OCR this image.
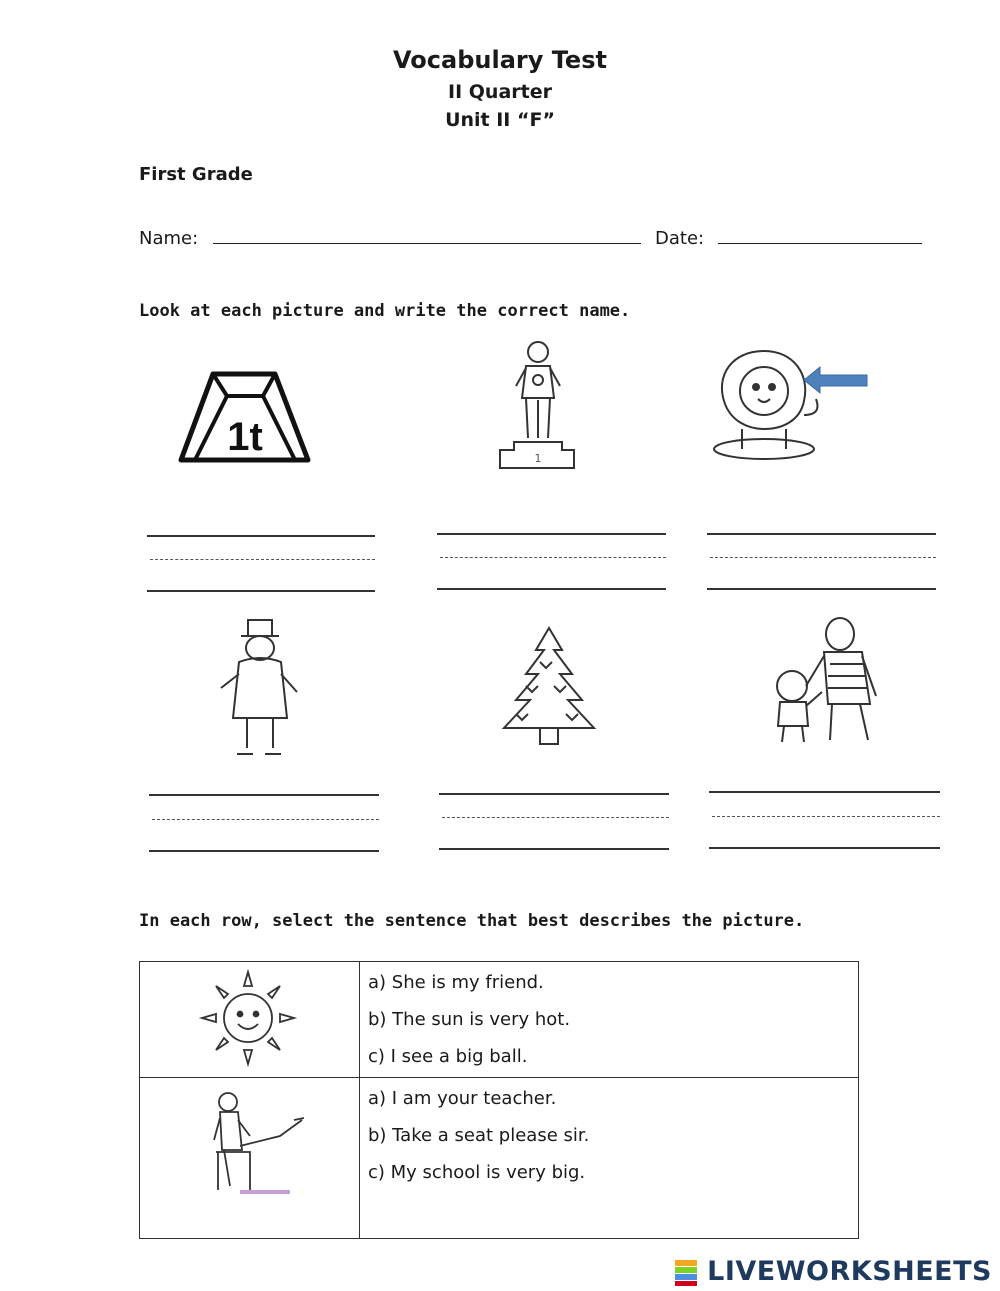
Vocabulary Test
II Quarter
Unit II “F”
First Grade
Name:	Date:
Look at each picture and write the correct name.
1t	1
In each row, select the sentence that best describes the picture.

a) She is my friend.
b) The sun is very hot.
c) I see a big ball.

a) I am your teacher.
b) Take a seat please sir.
c) My school is very big.
LIVEWORKSHEETS
